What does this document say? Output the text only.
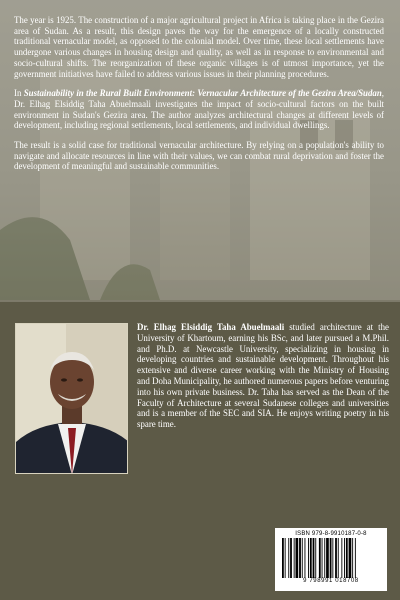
The year is 1925. The construction of a major agricultural project in Africa is taking place in the Gezira area of Sudan. As a result, this design paves the way for the emergence of a locally constructed traditional vernacular model, as opposed to the colonial model. Over time, these local settlements have undergone various changes in housing design and quality, as well as in response to environmental and socio-cultural shifts. The reorganization of these organic villages is of utmost importance, yet the government initiatives have failed to address various issues in their planning procedures.

In Sustainability in the Rural Built Environment: Vernacular Architecture of the Gezira Area/Sudan, Dr. Elhag Elsiddig Taha Abuelmaali investigates the impact of socio-cultural factors on the built environment in Sudan's Gezira area. The author analyzes architectural changes at different levels of development, including regional settlements, local settlements, and individual dwellings.

The result is a solid case for traditional vernacular architecture. By relying on a population's ability to navigate and allocate resources in line with their values, we can combat rural deprivation and foster the development of meaningful and sustainable communities.

Dr. Elhag Elsiddig Taha Abuelmaali studied architecture at the University of Khartoum, earning his BSc, and later pursued a M.Phil. and Ph.D. at Newcastle University, specializing in housing in developing countries and sustainable development. Throughout his extensive and diverse career working with the Ministry of Housing and Doha Municipality, he authored numerous papers before venturing into his own private business. Dr. Taha has served as the Dean of the Faculty of Architecture at several Sudanese colleges and universities and is a member of the SEC and SIA. He enjoys writing poetry in his spare time.
ISBN 979-8-9910187-0-8
9 798991 018708
